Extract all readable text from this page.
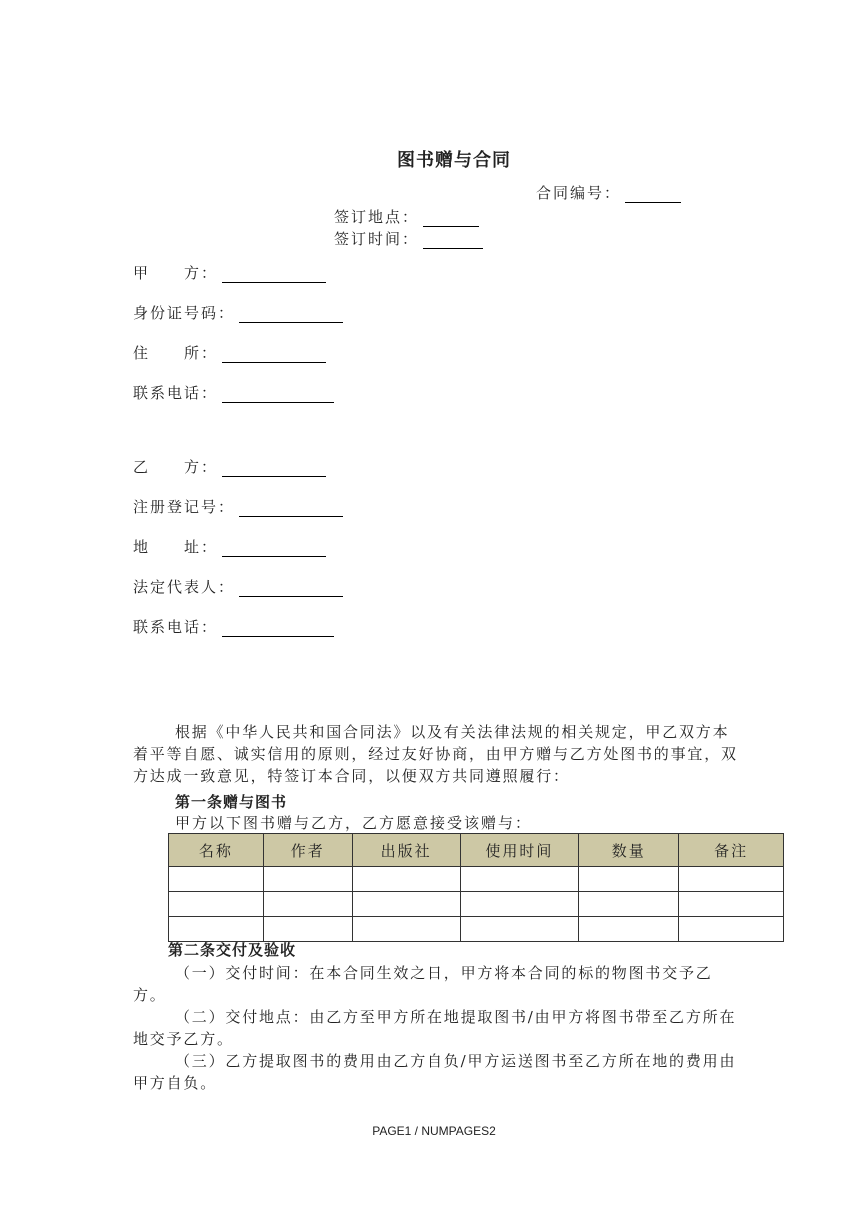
图书赠与合同
合同编号：
签订地点：
签订时间：
甲　　方：
身份证号码：
住　　所：
联系电话：
乙　　方：
注册登记号：
地　　址：
法定代表人：
联系电话：
根据《中华人民共和国合同法》以及有关法律法规的相关规定，甲乙双方本着平等自愿、诚实信用的原则，经过友好协商，由甲方赠与乙方处图书的事宜，双方达成一致意见，特签订本合同，以便双方共同遵照履行：
第一条赠与图书
甲方以下图书赠与乙方，乙方愿意接受该赠与：
名称	作者	出版社	使用时间	数量	备注

第二条交付及验收
（一）交付时间：在本合同生效之日，甲方将本合同的标的物图书交予乙方。
（二）交付地点：由乙方至甲方所在地提取图书/由甲方将图书带至乙方所在地交予乙方。
（三）乙方提取图书的费用由乙方自负/甲方运送图书至乙方所在地的费用由甲方自负。
PAGE1 / NUMPAGES2
